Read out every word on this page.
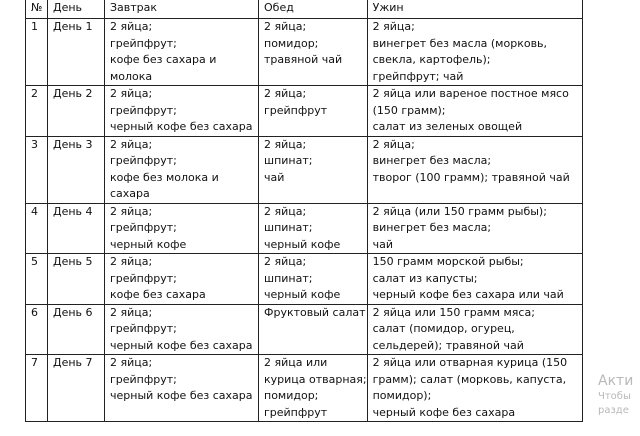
№	День	Завтрак	Обед	Ужин
1	День 1	2 яйца;
грейпфрут;
кофе без сахара и
молока	2 яйца;
помидор;
травяной чай	2 яйца;
винегрет без масла (морковь,
свекла, картофель);
грейпфрут; чай

2	День 2	2 яйца;
грейпфрут;
черный кофе без сахара	2 яйца;
грейпфрут	2 яйца или вареное постное мясо
(150 грамм);
салат из зеленых овощей

3	День 3	2 яйца;
грейпфрут;
кофе без молока и
сахара	2 яйца;
шпинат;
чай	2 яйца;
винегрет без масла;
творог (100 грамм); травяной чай

4	День 4	2 яйца;
грейпфрут;
черный кофе	2 яйца;
шпинат;
черный кофе	2 яйца (или 150 грамм рыбы);
винегрет без масла;
чай

5	День 5	2 яйца;
грейпфрут;
кофе без сахара	2 яйца;
шпинат;
черный кофе	150 грамм морской рыбы;
салат из капусты;
черный кофе без сахара или чай

6	День 6	2 яйца;
грейпфрут;
черный кофе без сахара	Фруктовый салат	2 яйца или 150 грамм мяса;
салат (помидор, огурец,
сельдерей); травяной чай

7	День 7	2 яйца;
грейпфрут;
черный кофе без сахара	2 яйца или
курица отварная;
помидор;
грейпфрут	2 яйца или отварная курица (150
грамм); салат (морковь, капуста,
помидор);
черный кофе без сахара
Акти
Чтобы
разде
